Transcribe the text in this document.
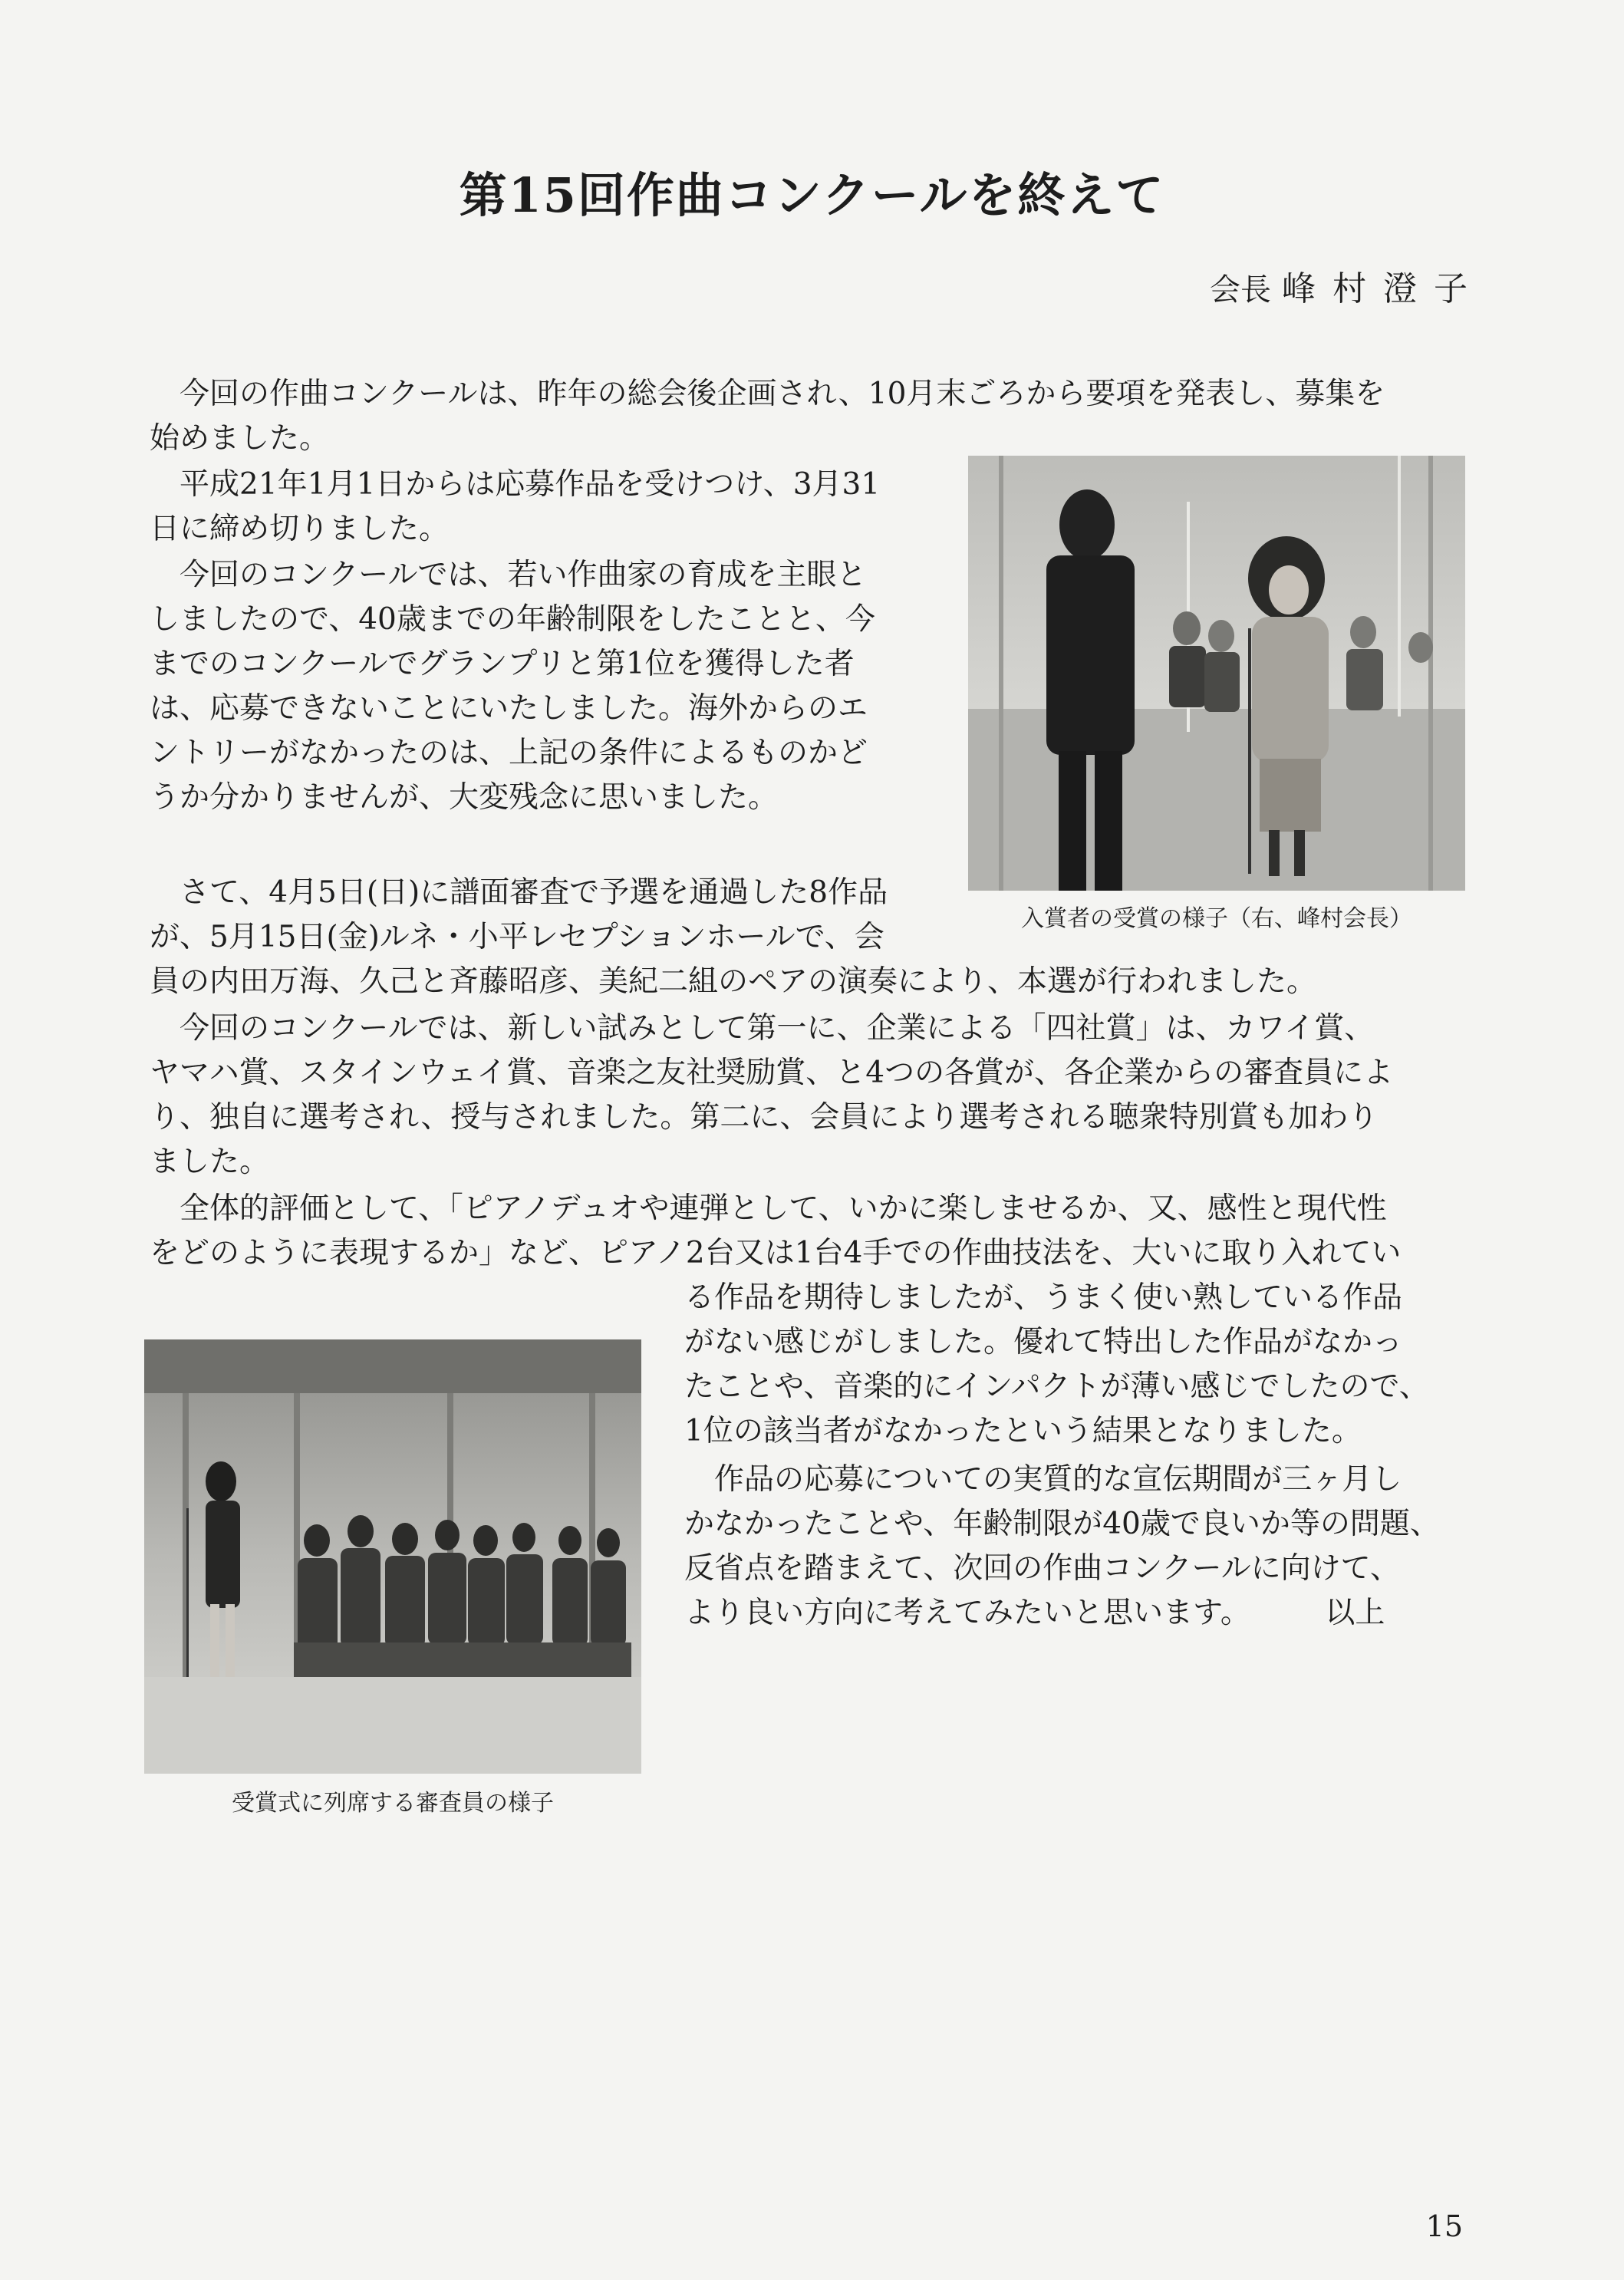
第15回作曲コンクールを終えて
会長 峰 村 澄 子

今回の作曲コンクールは、昨年の総会後企画され、10月末ごろから要項を発表し、募集を
始めました。

平成21年1月1日からは応募作品を受けつけ、3月31
日に締め切りました。

今回のコンクールでは、若い作曲家の育成を主眼と
しましたので、40歳までの年齢制限をしたことと、今
までのコンクールでグランプリと第1位を獲得した者
は、応募できないことにいたしました。海外からのエ
ントリーがなかったのは、上記の条件によるものかど
うか分かりませんが、大変残念に思いました。

さて、4月5日(日)に譜面審査で予選を通過した8作品
が、5月15日(金)ルネ・小平レセプションホールで、会
員の内田万海、久己と斉藤昭彦、美紀二組のペアの演奏により、本選が行われました。

今回のコンクールでは、新しい試みとして第一に、企業による「四社賞」は、カワイ賞、
ヤマハ賞、スタインウェイ賞、音楽之友社奨励賞、と4つの各賞が、各企業からの審査員によ
り、独自に選考され、授与されました。第二に、会員により選考される聴衆特別賞も加わり
ました。

全体的評価として、「ピアノデュオや連弾として、いかに楽しませるか、又、感性と現代性
をどのように表現するか」など、ピアノ2台又は1台4手での作曲技法を、大いに取り入れてい
る作品を期待しましたが、うまく使い熟している作品
がない感じがしました。優れて特出した作品がなかっ
たことや、音楽的にインパクトが薄い感じでしたので、
1位の該当者がなかったという結果となりました。

作品の応募についての実質的な宣伝期間が三ヶ月し
かなかったことや、年齢制限が40歳で良いか等の問題、
反省点を踏まえて、次回の作曲コンクールに向けて、
より良い方向に考えてみたいと思います。　　　以上

入賞者の受賞の様子（右、峰村会長）
受賞式に列席する審査員の様子
15
